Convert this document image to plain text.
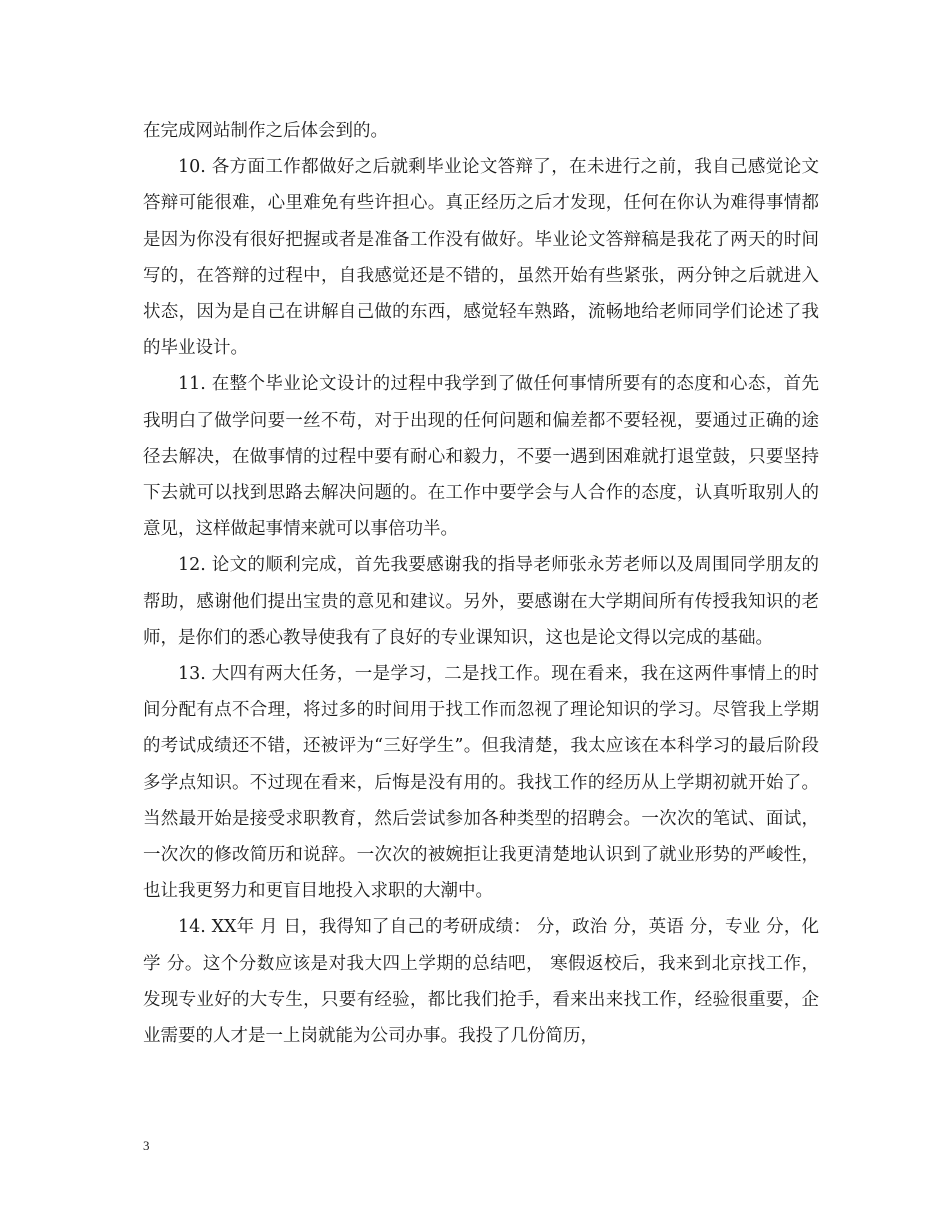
在完成网站制作之后体会到的。

10. 各方面工作都做好之后就剩毕业论文答辩了，在未进行之前，我自己感觉论文答辩可能很难，心里难免有些许担心。真正经历之后才发现，任何在你认为难得事情都是因为你没有很好把握或者是准备工作没有做好。毕业论文答辩稿是我花了两天的时间写的，在答辩的过程中，自我感觉还是不错的，虽然开始有些紧张，两分钟之后就进入状态，因为是自己在讲解自己做的东西，感觉轻车熟路，流畅地给老师同学们论述了我的毕业设计。

11. 在整个毕业论文设计的过程中我学到了做任何事情所要有的态度和心态，首先我明白了做学问要一丝不苟，对于出现的任何问题和偏差都不要轻视，要通过正确的途径去解决，在做事情的过程中要有耐心和毅力，不要一遇到困难就打退堂鼓，只要坚持下去就可以找到思路去解决问题的。在工作中要学会与人合作的态度，认真听取别人的意见，这样做起事情来就可以事倍功半。

12. 论文的顺利完成，首先我要感谢我的指导老师张永芳老师以及周围同学朋友的帮助，感谢他们提出宝贵的意见和建议。另外，要感谢在大学期间所有传授我知识的老师，是你们的悉心教导使我有了良好的专业课知识，这也是论文得以完成的基础。

13. 大四有两大任务，一是学习，二是找工作。现在看来，我在这两件事情上的时间分配有点不合理，将过多的时间用于找工作而忽视了理论知识的学习。尽管我上学期的考试成绩还不错，还被评为“三好学生”。但我清楚，我太应该在本科学习的最后阶段多学点知识。不过现在看来，后悔是没有用的。我找工作的经历从上学期初就开始了。当然最开始是接受求职教育，然后尝试参加各种类型的招聘会。一次次的笔试、面试，一次次的修改简历和说辞。一次次的被婉拒让我更清楚地认识到了就业形势的严峻性，也让我更努力和更盲目地投入求职的大潮中。

14. XX年 月 日，我得知了自己的考研成绩： 分，政治 分，英语 分，专业 分，化学 分。这个分数应该是对我大四上学期的总结吧， 寒假返校后，我来到北京找工作，发现专业好的大专生，只要有经验，都比我们抢手，看来出来找工作，经验很重要，企业需要的人才是一上岗就能为公司办事。我投了几份简历，

3
